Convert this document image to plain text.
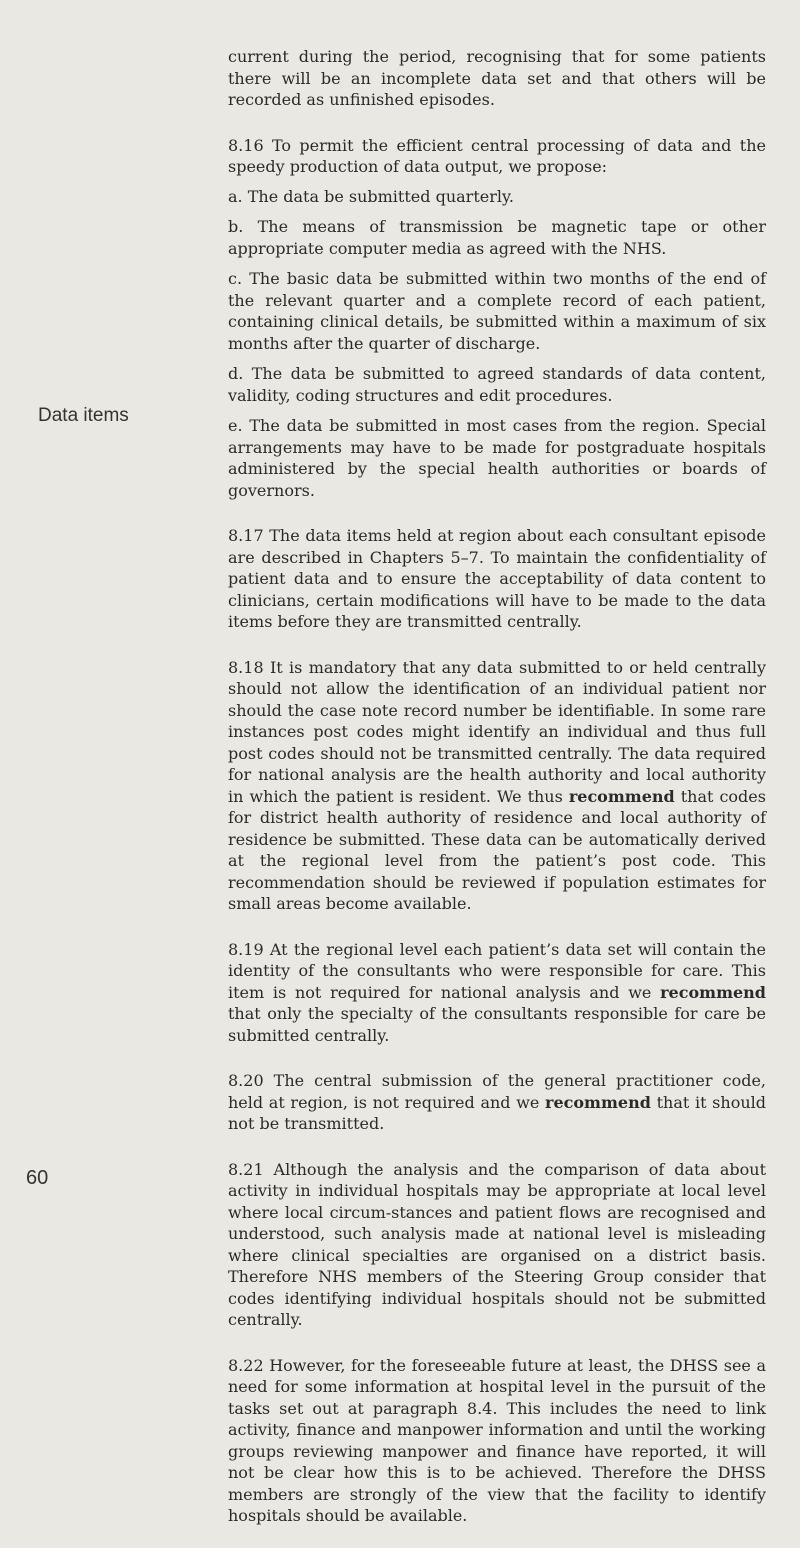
Data items
60

current during the period, recognising that for some patients there will be an incomplete data set and that others will be recorded as unfinished episodes.

8.16 To permit the efficient central processing of data and the speedy production of data output, we propose:

a. The data be submitted quarterly.

b. The means of transmission be magnetic tape or other appropriate computer media as agreed with the NHS.

c. The basic data be submitted within two months of the end of the relevant quarter and a complete record of each patient, containing clinical details, be submitted within a maximum of six months after the quarter of discharge.

d. The data be submitted to agreed standards of data content, validity, coding structures and edit procedures.

e. The data be submitted in most cases from the region. Special arrangements may have to be made for postgraduate hospitals administered by the special health authorities or boards of governors.

8.17 The data items held at region about each consultant episode are described in Chapters 5–7. To maintain the confidentiality of patient data and to ensure the acceptability of data content to clinicians, certain modifications will have to be made to the data items before they are transmitted centrally.

8.18 It is mandatory that any data submitted to or held centrally should not allow the identification of an individual patient nor should the case note record number be identifiable. In some rare instances post codes might identify an individual and thus full post codes should not be transmitted centrally. The data required for national analysis are the health authority and local authority in which the patient is resident. We thus recommend that codes for district health authority of residence and local authority of residence be submitted. These data can be automatically derived at the regional level from the patient’s post code. This recommendation should be reviewed if population estimates for small areas become available.

8.19 At the regional level each patient’s data set will contain the identity of the consultants who were responsible for care. This item is not required for national analysis and we recommend that only the specialty of the consultants responsible for care be submitted centrally.

8.20 The central submission of the general practitioner code, held at region, is not required and we recommend that it should not be transmitted.

8.21 Although the analysis and the comparison of data about activity in individual hospitals may be appropriate at local level where local circum-stances and patient flows are recognised and understood, such analysis made at national level is misleading where clinical specialties are organised on a district basis. Therefore NHS members of the Steering Group consider that codes identifying individual hospitals should not be submitted centrally.

8.22 However, for the foreseeable future at least, the DHSS see a need for some information at hospital level in the pursuit of the tasks set out at paragraph 8.4. This includes the need to link activity, finance and manpower information and until the working groups reviewing manpower and finance have reported, it will not be clear how this is to be achieved. Therefore the DHSS members are strongly of the view that the facility to identify hospitals should be available.
